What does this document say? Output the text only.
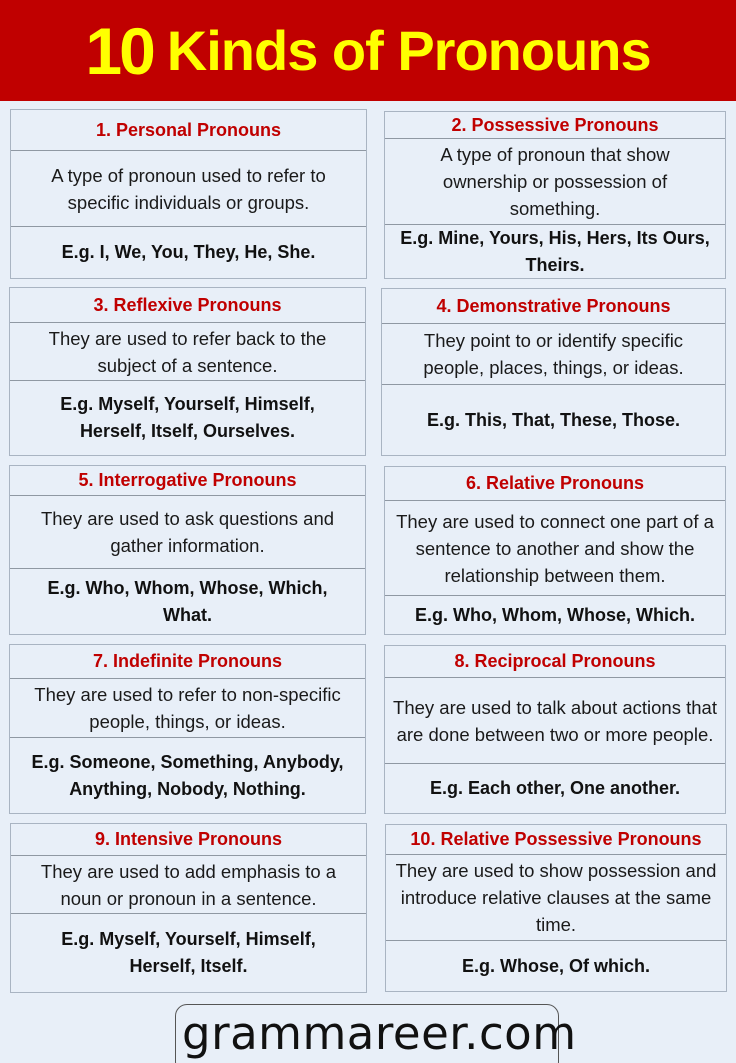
10 Kinds of Pronouns
1. Personal Pronouns
A type of pronoun used to refer to specific individuals or groups.
E.g. I, We, You, They, He, She.
2. Possessive Pronouns
A type of pronoun that show ownership or possession of something.
E.g. Mine, Yours, His, Hers, Its Ours, Theirs.
3. Reflexive Pronouns
They are used to refer back to the subject of a sentence.
E.g. Myself, Yourself, Himself, Herself, Itself, Ourselves.
4. Demonstrative Pronouns
They point to or identify specific people, places, things, or ideas.
E.g. This, That, These, Those.
5. Interrogative Pronouns
They are used to ask questions and gather information.
E.g. Who, Whom, Whose, Which, What.
6. Relative Pronouns
They are used to connect one part of a sentence to another and show the relationship between them.
E.g. Who, Whom, Whose, Which.
7. Indefinite Pronouns
They are used to refer to non-specific people, things, or ideas.
E.g. Someone, Something, Anybody, Anything, Nobody, Nothing.
8. Reciprocal Pronouns
They are used to talk about actions that are done between two or more people.
E.g. Each other, One another.
9. Intensive Pronouns
They are used to add emphasis to a noun or pronoun in a sentence.
E.g. Myself, Yourself, Himself, Herself, Itself.
10. Relative Possessive Pronouns
They are used to show possession and introduce relative clauses at the same time.
E.g. Whose, Of which.
grammareer.com
